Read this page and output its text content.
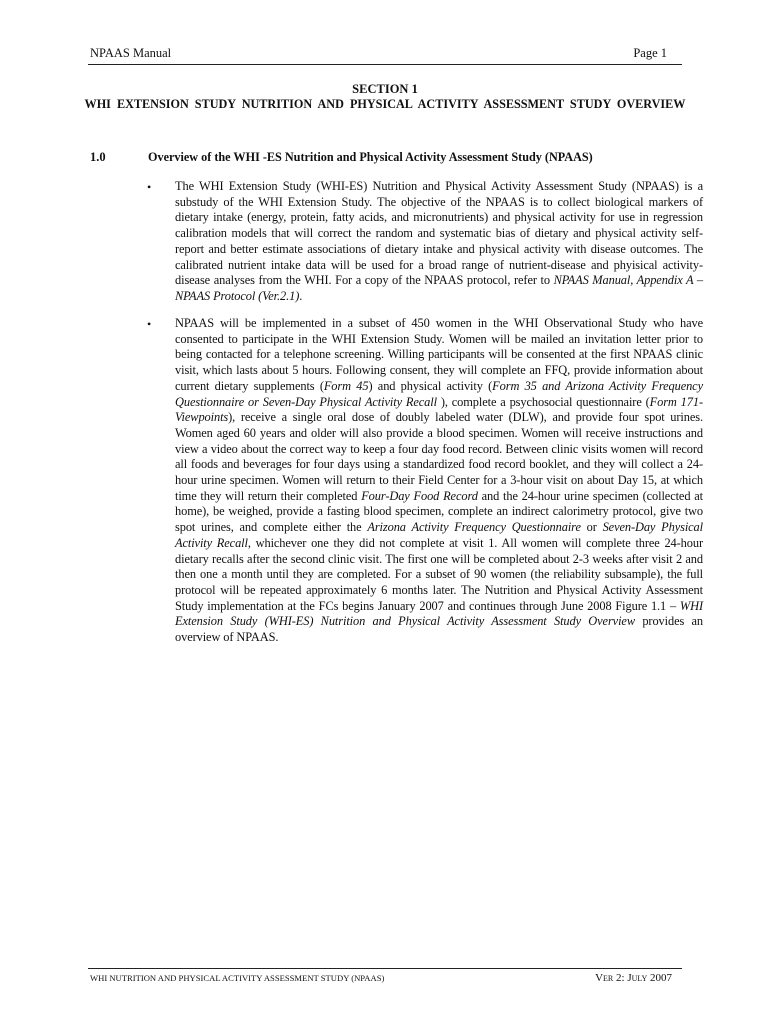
NPAAS Manual	Page 1
SECTION 1
WHI EXTENSION STUDY NUTRITION AND PHYSICAL ACTIVITY ASSESSMENT STUDY OVERVIEW
1.0	Overview of the WHI -ES Nutrition and Physical Activity Assessment Study (NPAAS)
• The WHI Extension Study (WHI-ES) Nutrition and Physical Activity Assessment Study (NPAAS) is a substudy of the WHI Extension Study. The objective of the NPAAS is to collect biological markers of dietary intake (energy, protein, fatty acids, and micronutrients) and physical activity for use in regression calibration models that will correct the random and systematic bias of dietary and physical activity self-report and better estimate associations of dietary intake and physical activity with disease outcomes. The calibrated nutrient intake data will be used for a broad range of nutrient-disease and phyisical activity-disease analyses from the WHI. For a copy of the NPAAS protocol, refer to NPAAS Manual, Appendix A – NPAAS Protocol (Ver.2.1).
• NPAAS will be implemented in a subset of 450 women in the WHI Observational Study who have consented to participate in the WHI Extension Study. Women will be mailed an invitation letter prior to being contacted for a telephone screening. Willing participants will be consented at the first NPAAS clinic visit, which lasts about 5 hours. Following consent, they will complete an FFQ, provide information about current dietary supplements (Form 45) and physical activity (Form 35 and Arizona Activity Frequency Questionnaire or Seven-Day Physical Activity Recall ), complete a psychosocial questionnaire (Form 171- Viewpoints), receive a single oral dose of doubly labeled water (DLW), and provide four spot urines. Women aged 60 years and older will also provide a blood specimen. Women will receive instructions and view a video about the correct way to keep a four day food record. Between clinic visits women will record all foods and beverages for four days using a standardized food record booklet, and they will collect a 24-hour urine specimen. Women will return to their Field Center for a 3-hour visit on about Day 15, at which time they will return their completed Four-Day Food Record and the 24-hour urine specimen (collected at home), be weighed, provide a fasting blood specimen, complete an indirect calorimetry protocol, give two spot urines, and complete either the Arizona Activity Frequency Questionnaire or Seven-Day Physical Activity Recall, whichever one they did not complete at visit 1. All women will complete three 24-hour dietary recalls after the second clinic visit. The first one will be completed about 2-3 weeks after visit 2 and then one a month until they are completed. For a subset of 90 women (the reliability subsample), the full protocol will be repeated approximately 6 months later. The Nutrition and Physical Activity Assessment Study implementation at the FCs begins January 2007 and continues through June 2008 Figure 1.1 – WHI Extension Study (WHI-ES) Nutrition and Physical Activity Assessment Study Overview provides an overview of NPAAS.
WHI NUTRITION AND PHYSICAL ACTIVITY ASSESSMENT STUDY (NPAAS)	Ver 2: July 2007
